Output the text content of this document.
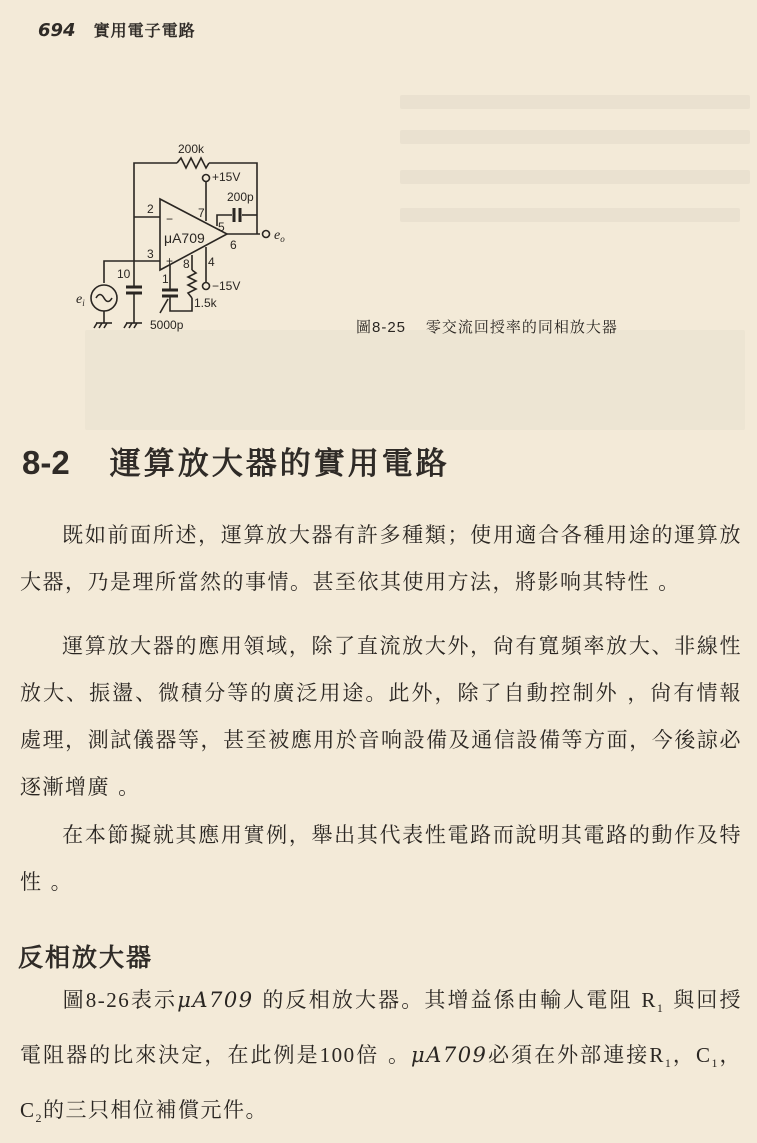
694 實用電子電路
200k
+15V
200p
μA709
2
3
−
+
7
5
6
4
8
1
$e_o$
−15V
10
1.5k
5000p
$e_i$
圖8-25 零交流回授率的同相放大器
8-2 運算放大器的實用電路
既如前面所述，運算放大器有許多種類；使用適合各種用途的運算放大器，乃是理所當然的事情。甚至依其使用方法，將影响其特性 。
運算放大器的應用領域，除了直流放大外，尙有寬頻率放大、非線性放大、振盪、微積分等的廣泛用途。此外，除了自動控制外 ，尙有情報處理，測試儀器等，甚至被應用於音响設備及通信設備等方面，今後諒必逐漸增廣 。
在本節擬就其應用實例，舉出其代表性電路而說明其電路的動作及特性 。
反相放大器
圖8-26表示μA709 的反相放大器。其增益係由輸人電阻 $R_1$ 與回授電阻器的比來決定，在此例是100倍 。μA709必須在外部連接$R_1$，$C_1$，$C_2$的三只相位補償元件。
